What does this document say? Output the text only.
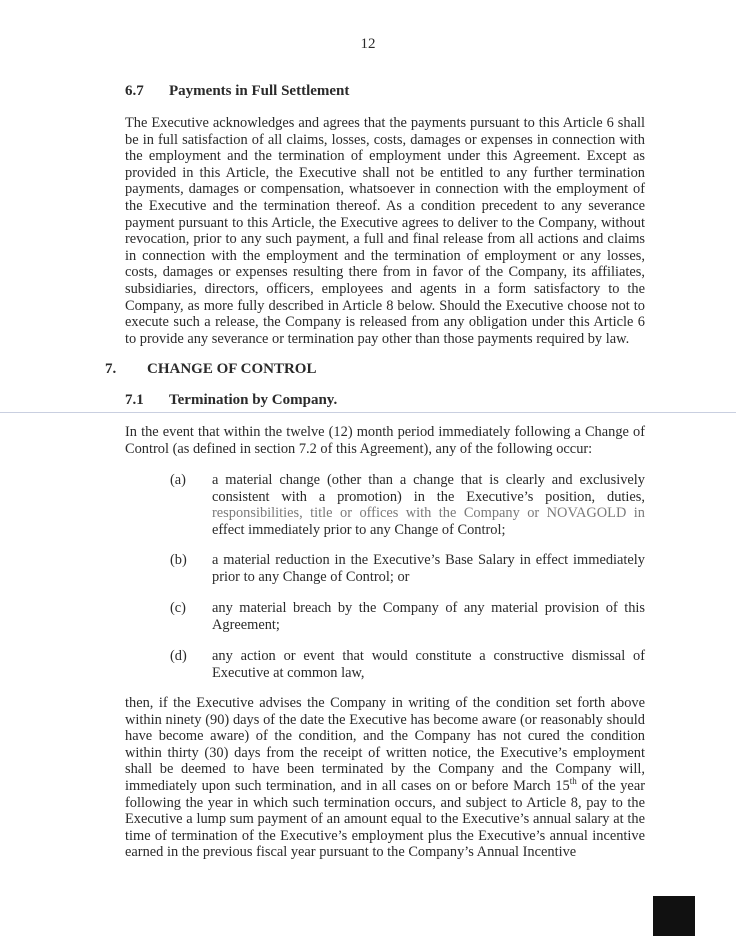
12
6.7 Payments in Full Settlement

The Executive acknowledges and agrees that the payments pursuant to this Article 6 shall be in full satisfaction of all claims, losses, costs, damages or expenses in connection with the employment and the termination of employment under this Agreement. Except as provided in this Article, the Executive shall not be entitled to any further termination payments, damages or compensation, whatsoever in connection with the employment of the Executive and the termination thereof. As a condition precedent to any severance payment pursuant to this Article, the Executive agrees to deliver to the Company, without revocation, prior to any such payment, a full and final release from all actions and claims in connection with the employment and the termination of employment or any losses, costs, damages or expenses resulting there from in favor of the Company, its affiliates, subsidiaries, directors, officers, employees and agents in a form satisfactory to the Company, as more fully described in Article 8 below. Should the Executive choose not to execute such a release, the Company is released from any obligation under this Article 6 to provide any severance or termination pay other than those payments required by law.

7. CHANGE OF CONTROL
7.1 Termination by Company.

In the event that within the twelve (12) month period immediately following a Change of Control (as defined in section 7.2 of this Agreement), any of the following occur:

(a)	a material change (other than a change that is clearly and exclusively consistent with a promotion) in the Executive’s position, duties, responsibilities, title or offices with the Company or NOVAGOLD in effect immediately prior to any Change of Control;
(b)	a material reduction in the Executive’s Base Salary in effect immediately prior to any Change of Control; or
(c)	any material breach by the Company of any material provision of this Agreement;
(d)	any action or event that would constitute a constructive dismissal of Executive at common law,

then, if the Executive advises the Company in writing of the condition set forth above within ninety (90) days of the date the Executive has become aware (or reasonably should have become aware) of the condition, and the Company has not cured the condition within thirty (30) days from the receipt of written notice, the Executive’s employment shall be deemed to have been terminated by the Company and the Company will, immediately upon such termination, and in all cases on or before March 15th of the year following the year in which such termination occurs, and subject to Article 8, pay to the Executive a lump sum payment of an amount equal to the Executive’s annual salary at the time of termination of the Executive’s employment plus the Executive’s annual incentive earned in the previous fiscal year pursuant to the Company’s Annual Incentive
